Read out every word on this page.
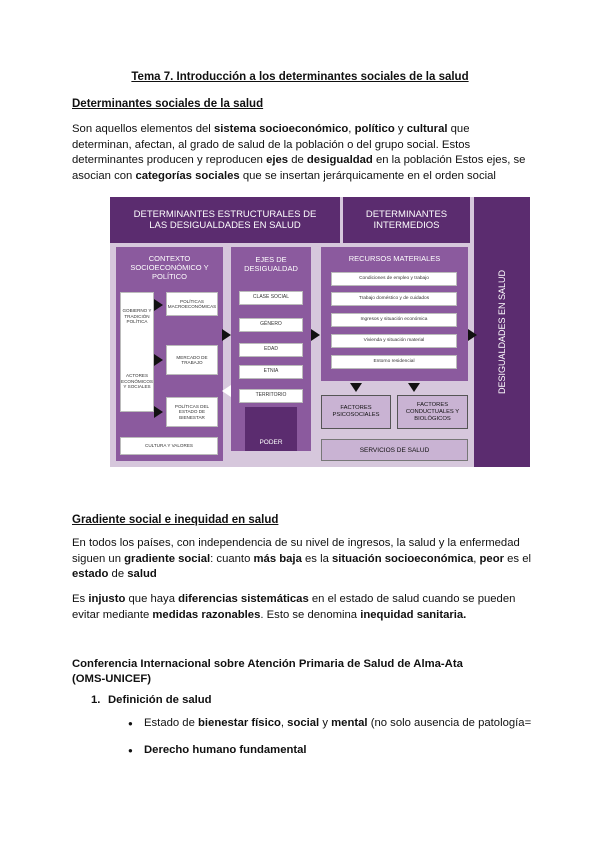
Tema 7. Introducción a los determinantes sociales de la salud
Determinantes sociales de la salud
Son aquellos elementos del sistema socioeconómico, político y cultural que determinan, afectan, al grado de salud de la población o del grupo social. Estos determinantes producen y reproducen ejes de desigualdad en la población Estos ejes, se asocian con categorías sociales que se insertan jerárquicamente en el orden social
DETERMINANTES ESTRUCTURALES DE LAS DESIGUALDADES EN SALUD
DETERMINANTES INTERMEDIOS
DESIGUALDADES EN SALUD
CONTEXTO SOCIOECONÓMICO Y POLÍTICO
GOBIERNO Y TRADICIÓN POLÍTICA
ACTORES ECONÓMICOS Y SOCIALES
POLÍTICAS MACROECONÓMICAS
MERCADO DE TRABAJO
POLÍTICAS DEL ESTADO DE BIENESTAR
CULTURA Y VALORES
EJES DE DESIGUALDAD
PODER
RECURSOS MATERIALES
FACTORES PSICOSOCIALES
FACTORES CONDUCTUALES Y BIOLÓGICOS
SERVICIOS DE SALUD
CLASE SOCIAL
GÉNERO
EDAD
ETNIA
TERRITORIO
Condiciones de empleo y trabajo
Trabajo doméstico y de cuidados
Ingresos y situación económica
Vivienda y situación material
Entorno residencial
Gradiente social e inequidad en salud
En todos los países, con independencia de su nivel de ingresos, la salud y la enfermedad siguen un gradiente social: cuanto más baja es la situación socioeconómica, peor es el estado de salud
Es injusto que haya diferencias sistemáticas en el estado de salud cuando se pueden evitar mediante medidas razonables. Esto se denomina inequidad sanitaria.
Conferencia Internacional sobre Atención Primaria de Salud de Alma-Ata (OMS-UNICEF)
1. Definición de salud
● Estado de bienestar físico, social y mental (no solo ausencia de patología=
● Derecho humano fundamental
